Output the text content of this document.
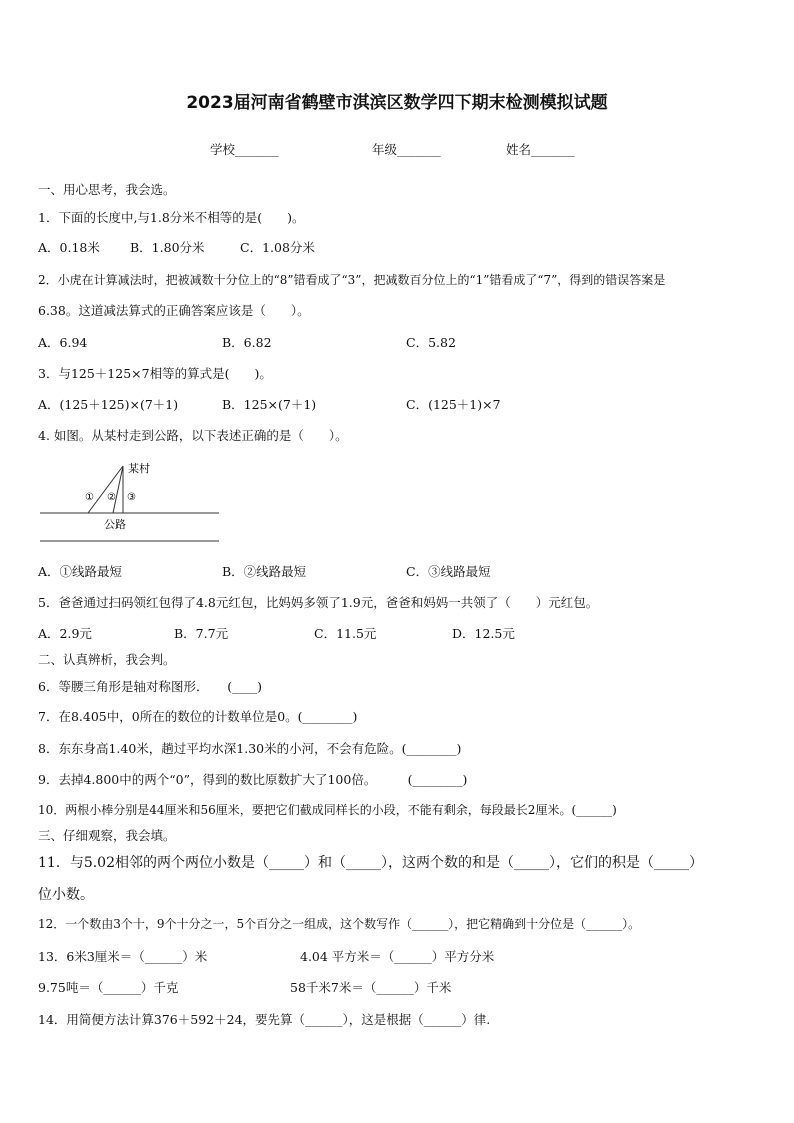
2023届河南省鹤壁市淇滨区数学四下期末检测模拟试题
学校_______	年级_______	姓名_______
一、用心思考，我会选。
1．下面的长度中,与1.8分米不相等的是(　　)。
A．0.18米 B．1.80分米	C．1.08分米
2．小虎在计算减法时，把被减数十分位上的“8”错看成了“3”，把减数百分位上的“1”错看成了“7”，得到的错误答案是
6.38。这道减法算式的正确答案应该是（　　）。
A．6.94	B．6.82	C．5.82
3．与125＋125×7相等的算式是(　　)。
A．(125＋125)×(7＋1)	B．125×(7＋1)	C．(125＋1)×7
4. 如图。从某村走到公路，以下表述正确的是（　　）。
某村
公路
① ② ③
A．①线路最短	B．②线路最短	C．③线路最短
5．爸爸通过扫码领红包得了4.8元红包，比妈妈多领了1.9元，爸爸和妈妈一共领了（　　）元红包。
A．2.9元	B．7.7元	C．11.5元	D．12.5元
二、认真辨析，我会判。
6．等腰三角形是轴对称图形．　　(____)
7．在8.405中，0所在的数位的计数单位是0。(________)
8．东东身高1.40米，趟过平均水深1.30米的小河，不会有危险。(________)
9．去掉4.800中的两个“0”，得到的数比原数扩大了100倍。　　　(________)
10．两根小棒分别是44厘米和56厘米，要把它们截成同样长的小段，不能有剩余，每段最长2厘米。(______)
三、仔细观察，我会填。
11．与5.02相邻的两个两位小数是（_____）和（_____），这两个数的和是（_____），它们的积是（_____）
位小数。
12．一个数由3个十，9个十分之一，5个百分之一组成，这个数写作（______），把它精确到十分位是（______）。
13．6米3厘米＝（______）米	4.04 平方米＝（______）平方分米
9.75吨＝（______）千克	58千米7米＝（______）千米
14．用简便方法计算376＋592＋24，要先算（______），这是根据（______）律.
